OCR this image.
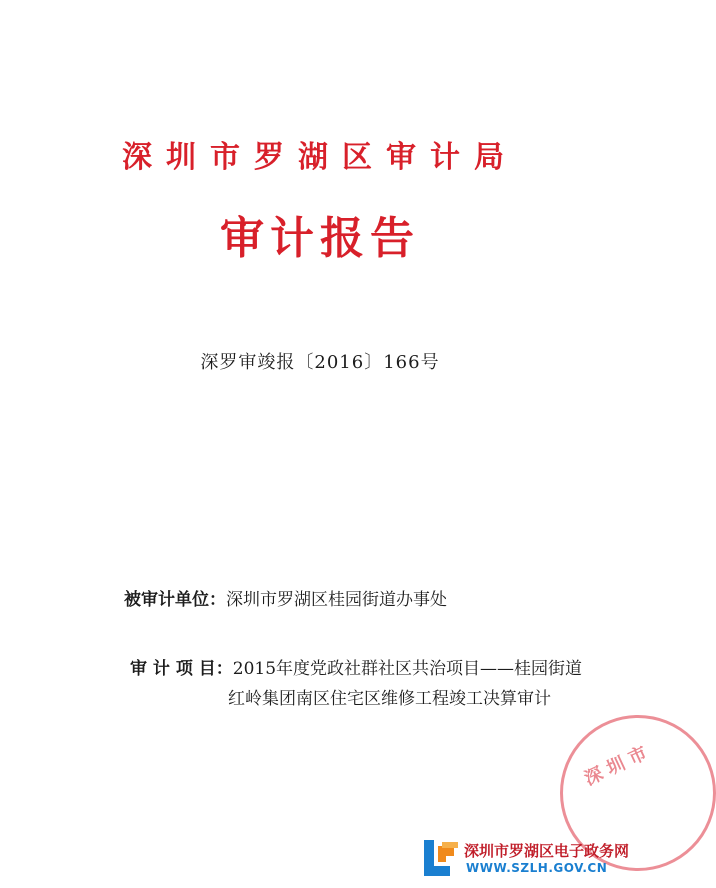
深圳市罗湖区审计局
审计报告
深罗审竣报〔2016〕166号
被审计单位：深圳市罗湖区桂园街道办事处
审 计 项 目：2015年度党政社群社区共治项目——桂园街道
红岭集团南区住宅区维修工程竣工决算审计
深 圳 市
深圳市罗湖区电子政务网
WWW.SZLH.GOV.CN
